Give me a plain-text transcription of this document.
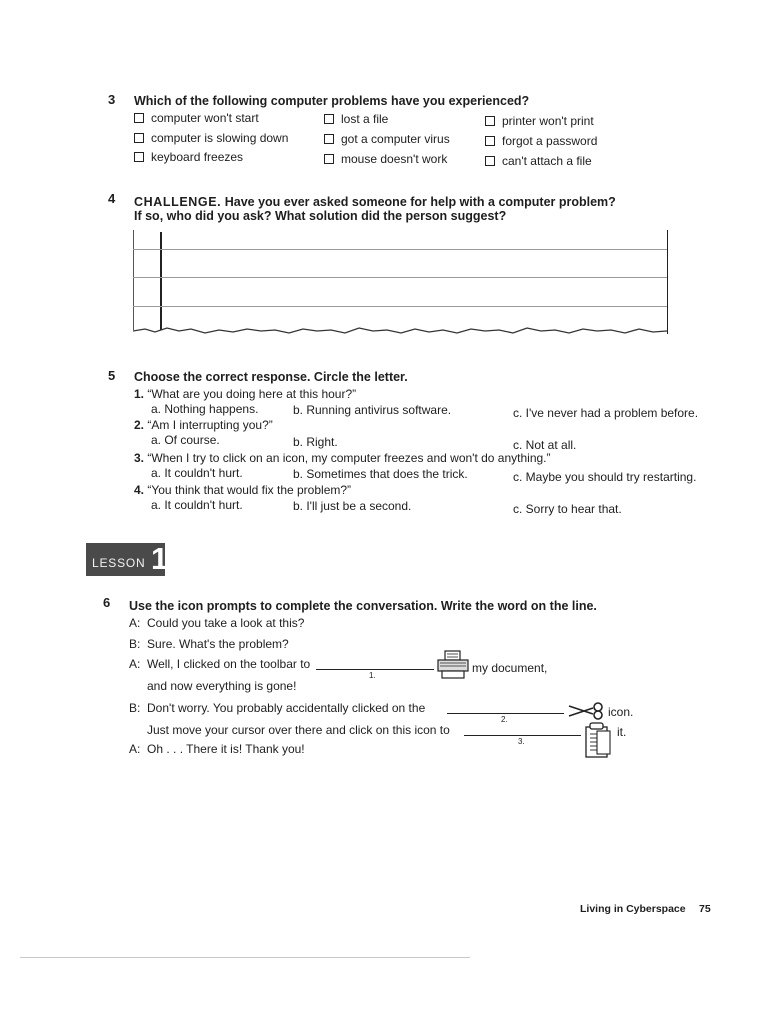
3 Which of the following computer problems have you experienced?
computer won't start	lost a file	printer won't print
computer is slowing down	got a computer virus	forgot a password
keyboard freezes	mouse doesn't work	can't attach a file
4 CHALLENGE. Have you ever asked someone for help with a computer problem?
If so, who did you ask? What solution did the person suggest?
5 Choose the correct response. Circle the letter.
1. “What are you doing here at this hour?”
a. Nothing happens.	b. Running antivirus software.	c. I've never had a problem before.
2. “Am I interrupting you?”
a. Of course.	b. Right.	c. Not at all.
3. “When I try to click on an icon, my computer freezes and won't do anything.”
a. It couldn't hurt.	b. Sometimes that does the trick.	c. Maybe you should try restarting.
4. “You think that would fix the problem?”
a. It couldn't hurt.	b. I'll just be a second.	c. Sorry to hear that.
LESSON 1
6 Use the icon prompts to complete the conversation. Write the word on the line.
A: Could you take a look at this?
B: Sure. What's the problem?
A: Well, I clicked on the toolbar to
1.
my document,
and now everything is gone!
B: Don't worry. You probably accidentally clicked on the
2.
icon.
Just move your cursor over there and click on this icon to
3.
it.
A: Oh . . . There it is! Thank you!
Living in Cyberspace 75
